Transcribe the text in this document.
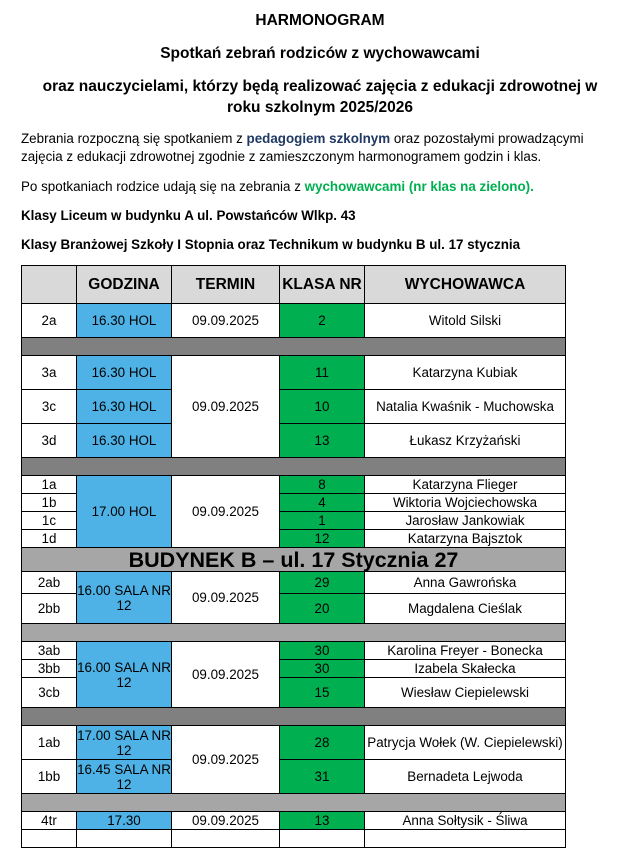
HARMONOGRAM
Spotkań zebrań rodziców z wychowawcami
oraz nauczycielami, którzy będą realizować zajęcia z edukacji zdrowotnej w
roku szkolnym 2025/2026
Zebrania rozpoczną się spotkaniem z pedagogiem szkolnym oraz pozostałymi prowadzącymi zajęcia z edukacji zdrowotnej zgodnie z zamieszczonym harmonogramem godzin i klas.
Po spotkaniach rodzice udają się na zebrania z wychowawcami (nr klas na zielono).
Klasy Liceum w budynku A ul. Powstańców Wlkp. 43
Klasy Branżowej Szkoły I Stopnia oraz Technikum w budynku B ul. 17 stycznia
	GODZINA	TERMIN	KLASA NR	WYCHOWAWCA
2a	16.30 HOL	09.09.2025	2	Witold Silski

3a	16.30 HOL	09.09.2025	11	Katarzyna Kubiak
3c	16.30 HOL		10	Natalia Kwaśnik - Muchowska
3d	16.30 HOL		13	Łukasz Krzyżański

1a	17.00 HOL	09.09.2025	8	Katarzyna Flieger
1b			4	Wiktoria Wojciechowska
1c			1	Jarosław Jankowiak
1d			12	Katarzyna Bajsztok
BUDYNEK B – ul. 17 Stycznia 27				
2ab	16.00 SALA NR 12	09.09.2025	29	Anna Gawrońska
2bb			20	Magdalena Cieślak

3ab	16.00 SALA NR 12	09.09.2025	30	Karolina Freyer - Bonecka
3bb			30	Izabela Skałecka
3cb			15	Wiesław Ciepielewski

1ab	17.00 SALA NR 12	09.09.2025	28	Patrycja Wołek (W. Ciepielewski)
1bb	16.45 SALA NR 12		31	Bernadeta Lejwoda

4tr	17.30	09.09.2025	13	Anna Sołtysik - Śliwa
